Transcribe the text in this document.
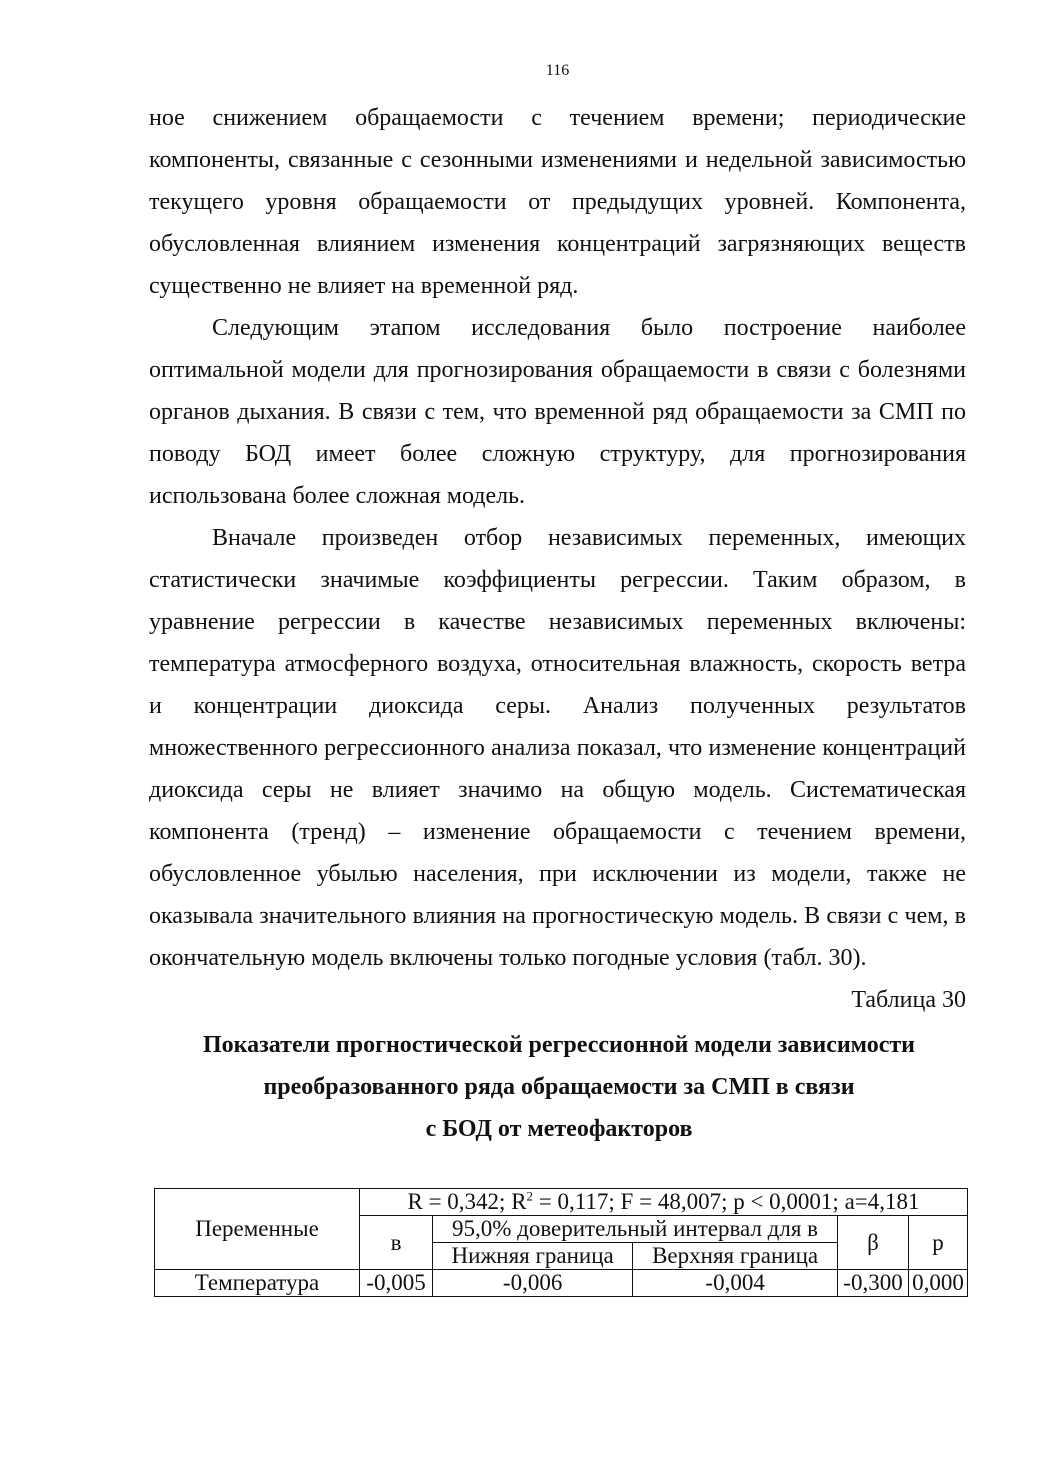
116

ное снижением обращаемости с течением времени; периодические компоненты, связанные с сезонными изменениями и недельной зависимостью текущего уровня обращаемости от предыдущих уровней. Компонента, обусловленная влиянием изменения концентраций загрязняющих веществ существенно не влияет на временной ряд.

Следующим этапом исследования было построение наиболее оптимальной модели для прогнозирования обращаемости в связи с болезнями органов дыхания. В связи с тем, что временной ряд обращаемости за СМП по поводу БОД имеет более сложную структуру, для прогнозирования использована более сложная модель.

Вначале произведен отбор независимых переменных, имеющих статистически значимые коэффициенты регрессии. Таким образом, в уравнение регрессии в качестве независимых переменных включены: температура атмосферного воздуха, относительная влажность, скорость ветра и концентрации диоксида серы. Анализ полученных результатов множественного регрессионного анализа показал, что изменение концентраций диоксида серы не влияет значимо на общую модель. Систематическая компонента (тренд) – изменение обращаемости с течением времени, обусловленное убылью населения, при исключении из модели, также не оказывала значительного влияния на прогностическую модель. В связи с чем, в окончательную модель включены только погодные условия (табл. 30).

Таблица 30

Показатели прогностической регрессионной модели зависимости

преобразованного ряда обращаемости за СМП в связи

с БОД от метеофакторов

Переменные	R = 0,342; $R^2 = 0,117$; F = 48,007; р < 0,0001; a=4,181				
	в	95,0% доверительный интервал для в		β	р
		Нижняя граница	Верхняя граница		
Температура	-0,005	-0,006	-0,004	-0,300	0,000
